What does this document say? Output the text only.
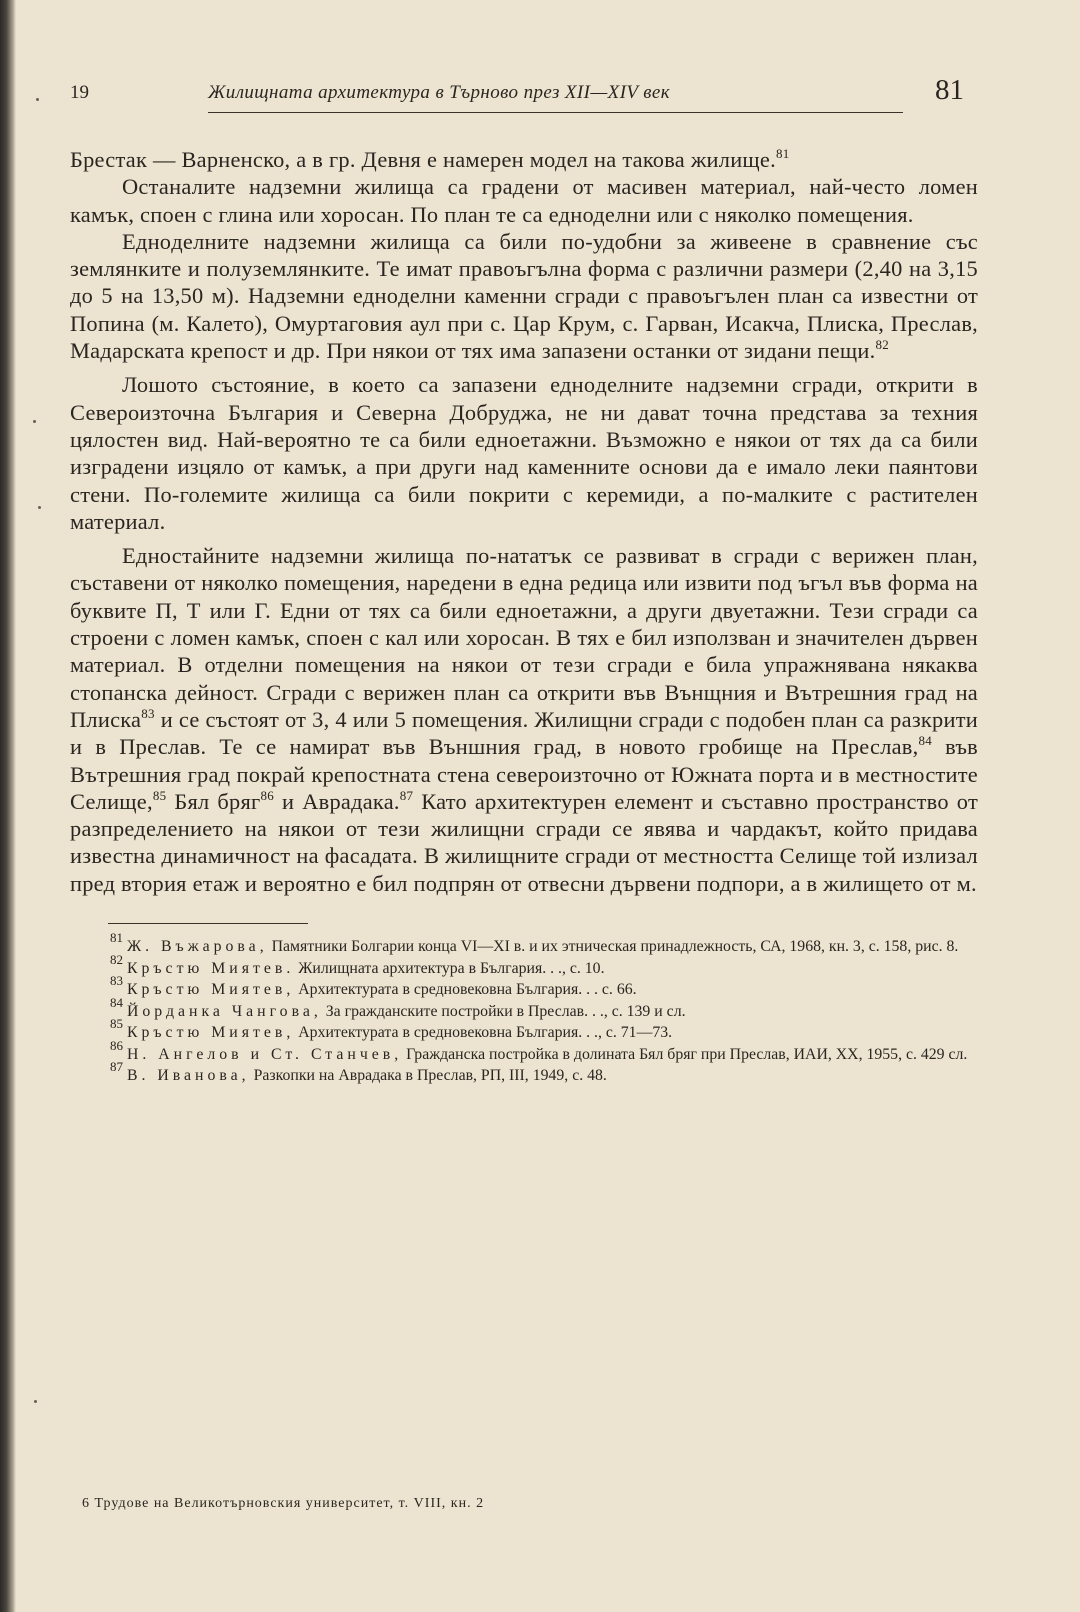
19	Жилищната архитектура в Търново през XII—XIV век	81

Брестак — Варненско, а в гр. Девня е намерен модел на такова жилище.$^{81}$

Останалите надземни жилища са градени от масивен материал, най-често ломен камък, споен с глина или хоросан. По план те са едноделни или с няколко помещения.

Еднoделните надземни жилища са били по-удобни за живеене в сравнение със землянките и полуземлянките. Те имат правоъгълна форма с различни размери (2,40 на 3,15 до 5 на 13,50 м). Надземни еднoделни каменни сгради с правоъгълен план са известни от Попина (м. Калето), Омуртаговия аул при с. Цар Крум, с. Гарван, Исакча, Плиска, Преслав, Мадарската крепост и др. При някои от тях има запазени останки от зидани пещи.$^{82}$

Лошото състояние, в което са запазени еднoделните надземни сгради, открити в Североизточна България и Северна Добруджа, не ни дават точна представа за техния цялостен вид. Най-вероятно те са били едноетажни. Възможно е някои от тях да са били изградени изцяло от камък, а при други над каменните основи да е имало леки паянтови стени. По-големите жилища са били покрити с керемиди, а по-малките с растителен материал.

Едностайните надземни жилища по-нататък се развиват в сгради с верижен план, съставени от няколко помещения, наредени в една редица или извити под ъгъл във форма на буквите П, Т или Г. Едни от тях са били едноетажни, а други двуетажни. Тези сгради са строени с ломен камък, споен с кал или хоросан. В тях е бил използван и значителен дървен материал. В отделни помещения на някои от тези сгради е била упражнявана някаква стопанска дейност. Сгради с верижен план са открити във Вънщния и Вътрешния град на Плиска$^{83}$ и се състоят от 3, 4 или 5 помещения. Жилищни сгради с подобен план са разкрити и в Преслав. Те се намират във Външния град, в новото гробище на Преслав,$^{84}$ във Вътрешния град покрай крепостната стена североизточно от Южната порта и в местностите Селище,$^{85}$ Бял бряг$^{86}$ и Аврадака.$^{87}$ Като архитектурен елемент и съставно пространство от разпределението на някои от тези жилищни сгради се явява и чардакът, който придава известна динамичност на фасадата. В жилищните сгради от местността Селище той излизал пред втория етаж и вероятно е бил подпрян от отвесни дървени подпори, а в жилището от м.

$^{81}$ Ж. Въжарова, Памятники Болгарии конца VI—XI в. и их этническая принадлежность, СА, 1968, кн. 3, с. 158, рис. 8.

$^{82}$ Кръстю Миятев. Жилищната архитектура в България. . ., с. 10.

$^{83}$ Кръстю Миятев, Архитектурата в средновековна България. . . с. 66.

$^{84}$ Йорданка Чангова, За гражданските постройки в Преслав. . ., с. 139 и сл.

$^{85}$ Кръстю Миятев, Архитектурата в средновековна България. . ., с. 71—73.

$^{86}$ Н. Ангелов и Ст. Станчев, Гражданска постройка в долината Бял бряг при Преслав, ИАИ, XX, 1955, с. 429 сл.

$^{87}$ В. Иванова, Разкопки на Аврадака в Преслав, РП, III, 1949, с. 48.

6 Трудове на Великотърновския университет, т. VIII, кн. 2
